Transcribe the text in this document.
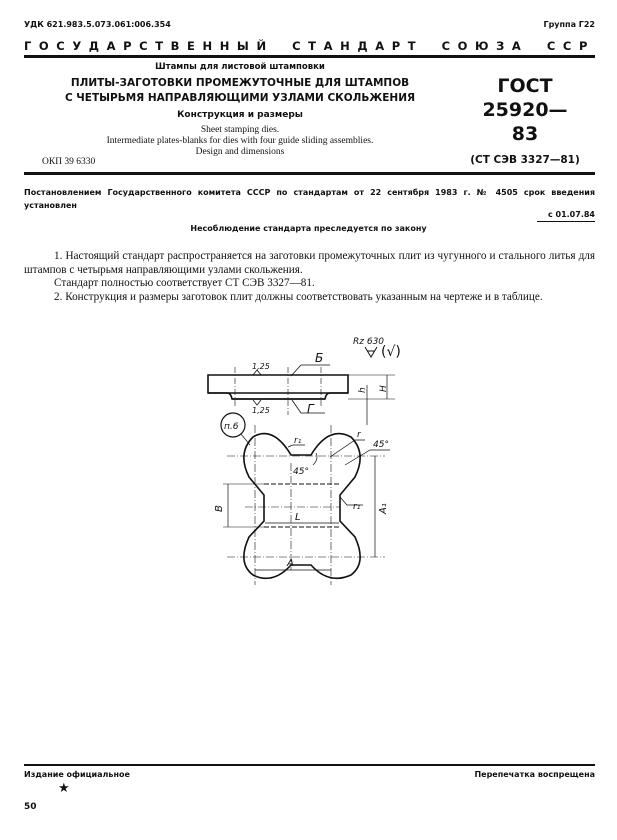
УДК 621.983.5.073.061:006.354	Группа Г22
ГОСУДАРСТВЕННЫЙ СТАНДАРТ СОЮЗА ССР
Штампы для листовой штамповки
ПЛИТЫ-ЗАГОТОВКИ ПРОМЕЖУТОЧНЫЕ ДЛЯ ШТАМПОВ
С ЧЕТЫРЬМЯ НАПРАВЛЯЮЩИМИ УЗЛАМИ СКОЛЬЖЕНИЯ
Конструкция и размеры
Sheet stamping dies.
Intermediate plates-blanks for dies with four guide sliding assemblies.
Design and dimensions
ГОСТ
25920—83
(СТ СЭВ 3327—81)
ОКП 39 6330
Постановлением Государственного комитета СССР по стандартам от 22 сентября 1983 г. № 4505 срок введения установлен
с 01.07.84
Несоблюдение стандарта преследуется по закону

1. Настоящий стандарт распространяется на заготовки промежуточных плит из чугунного и стального литья для штампов с четырьмя направляющими узлами скольжения.

Стандарт полностью соответствует СТ СЭВ 3327—81.

2. Конструкция и размеры заготовок плит должны соответствовать указанным на чертеже и в таблице.

Rz 630
(√)
1,25
1,25
Б
Г
h H
п.6
r₁
r
45°
45°
r₁
B
L
A₁
A
Издание официальное	Перепечатка воспрещена
★
50
